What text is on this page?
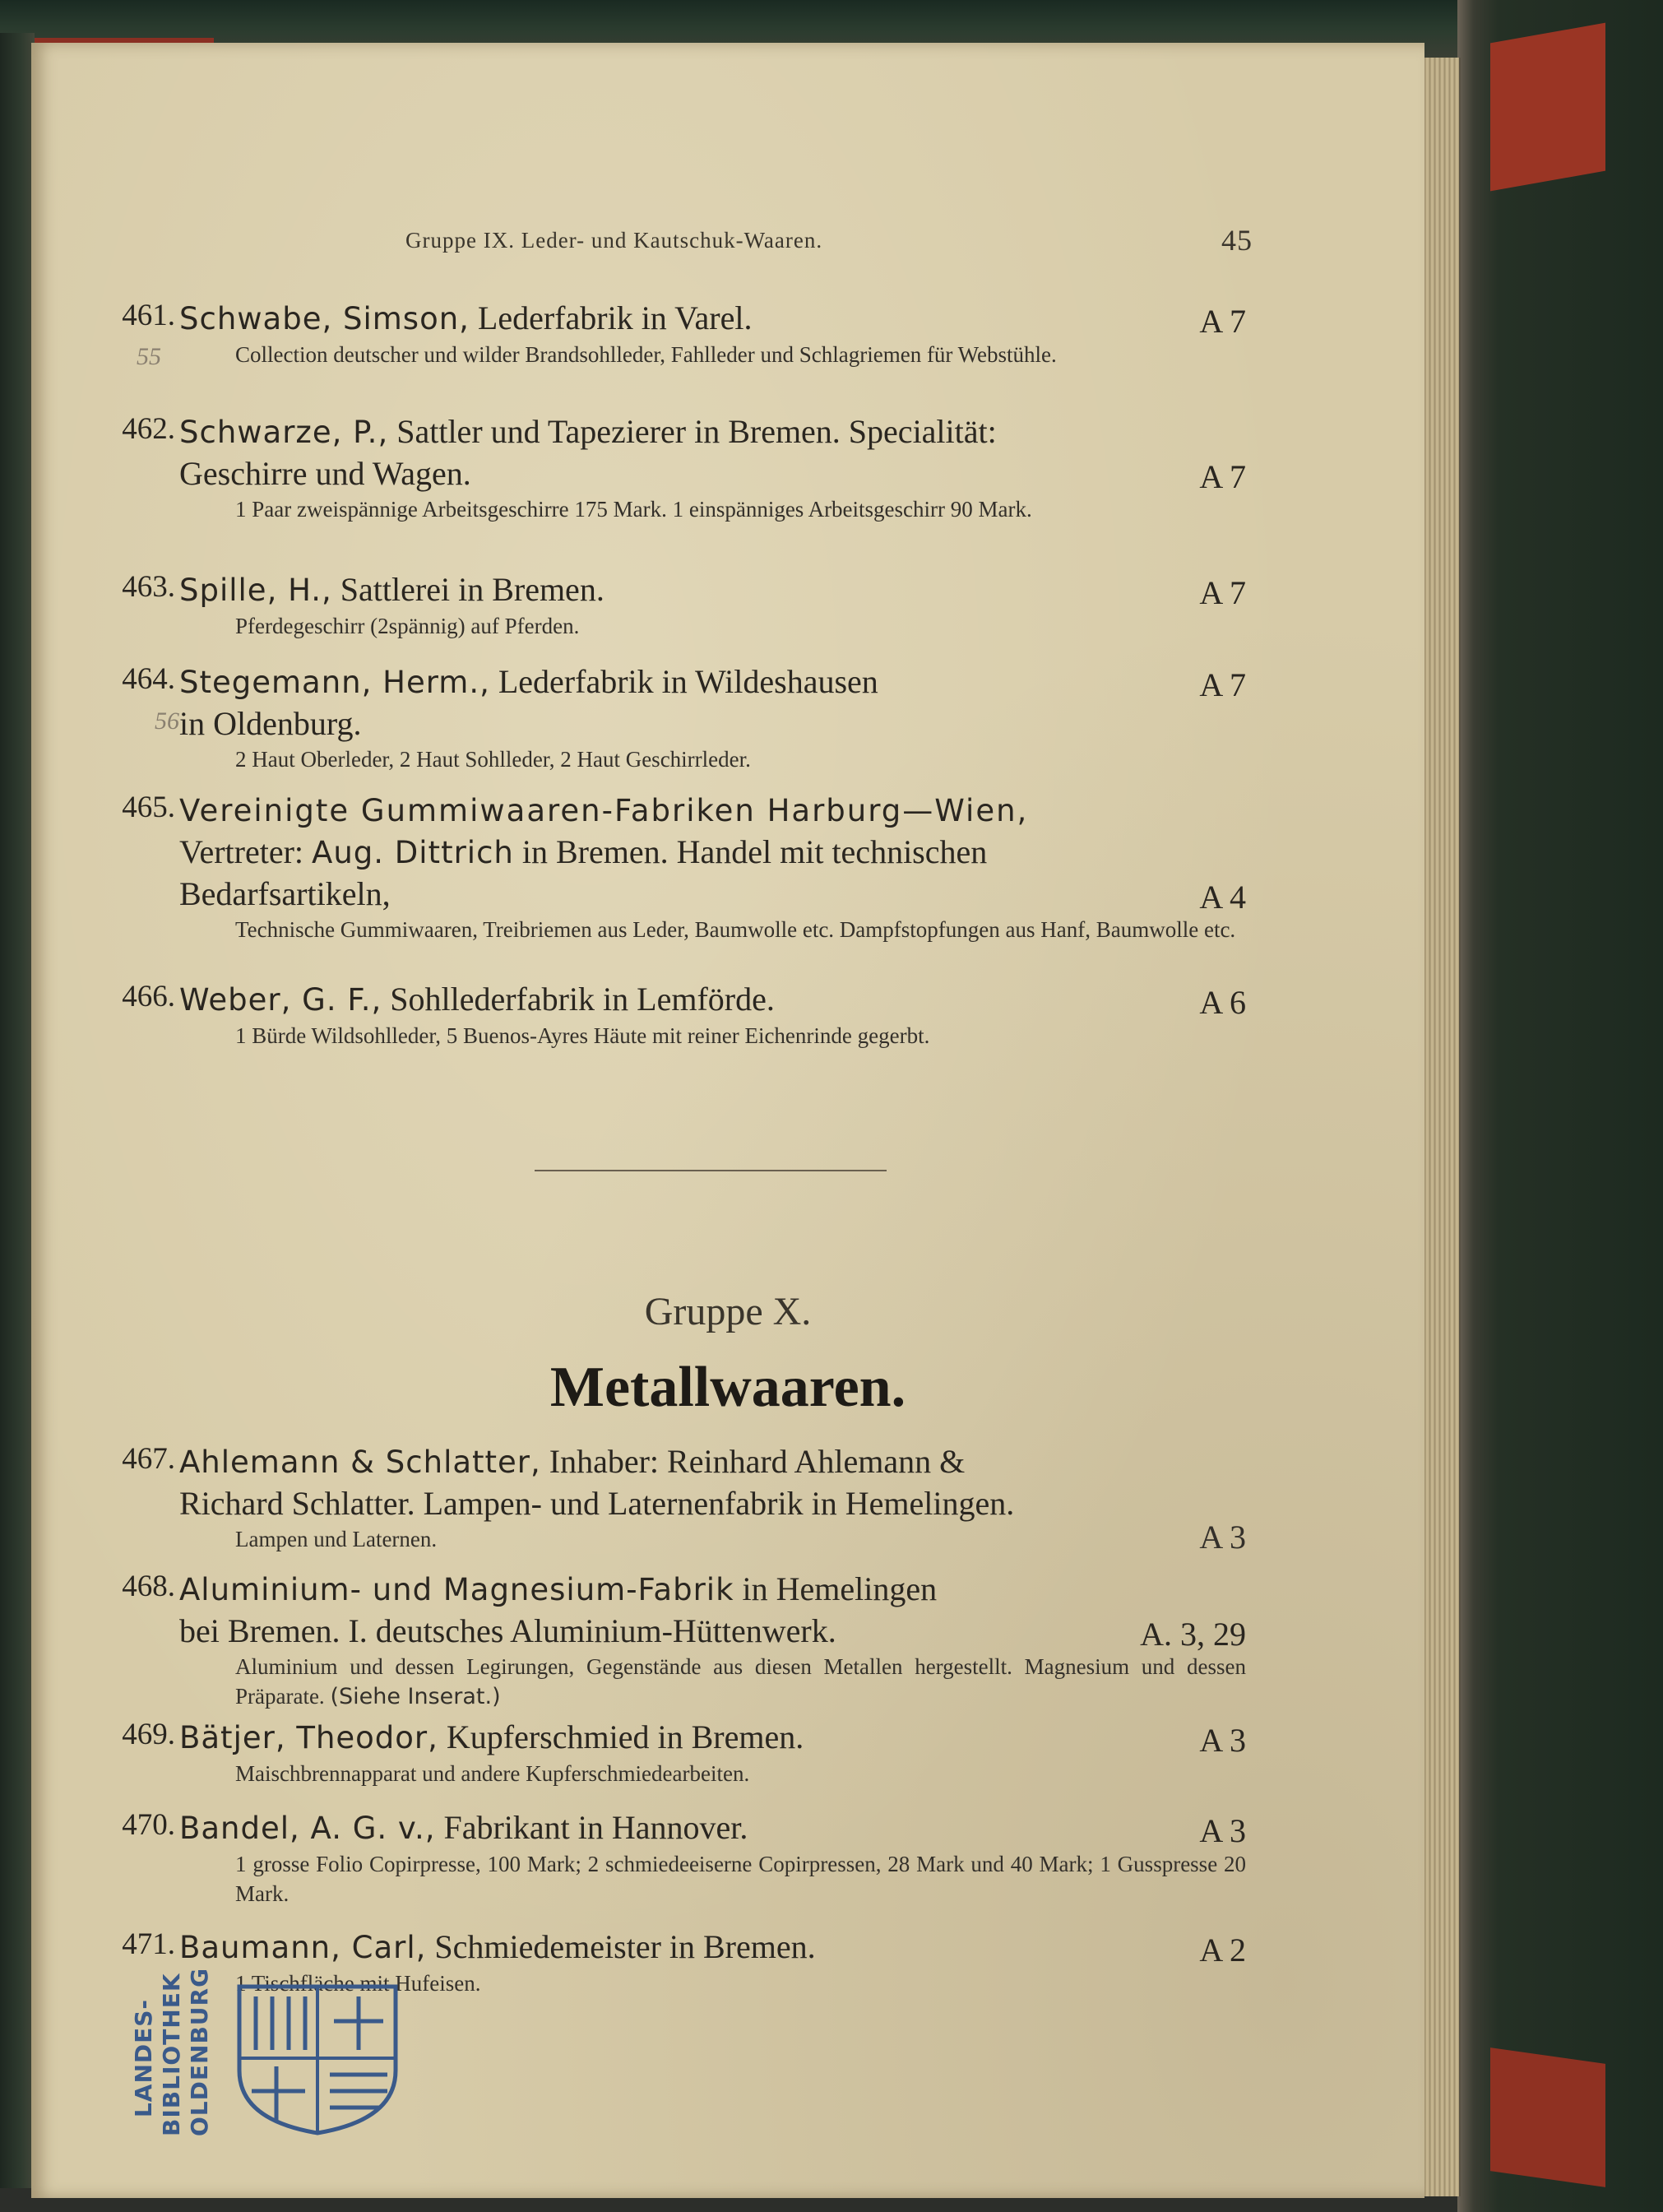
Gruppe IX. Leder- und Kautschuk-Waaren.	45
461. Schwabe, Simson, Lederfabrik in Varel.	A 7
Collection deutscher und wilder Brandsohlleder, Fahlleder und Schlagriemen für Webstühle.
55
462. Schwarze, P., Sattler und Tapezierer in Bremen. Specialität:
Geschirre und Wagen.	A 7
1 Paar zweispännige Arbeitsgeschirre 175 Mark. 1 einspänniges Arbeitsgeschirr 90 Mark.
463. Spille, H., Sattlerei in Bremen.	A 7
Pferdegeschirr (2spännig) auf Pferden.
464. Stegemann, Herm., Lederfabrik in Wildeshausen	A 7
in Oldenburg.
2 Haut Oberleder, 2 Haut Sohlleder, 2 Haut Geschirrleder.
56
465. Vereinigte Gummiwaaren-Fabriken Harburg—Wien,
Vertreter: Aug. Dittrich in Bremen. Handel mit technischen
Bedarfsartikeln,	A 4
Technische Gummiwaaren, Treibriemen aus Leder, Baumwolle etc. Dampfstopfungen aus Hanf, Baumwolle etc.
466. Weber, G. F., Sohllederfabrik in Lemförde.	A 6
1 Bürde Wildsohlleder, 5 Buenos-Ayres Häute mit reiner Eichenrinde gegerbt.
Gruppe X.
Metallwaaren.
467. Ahlemann & Schlatter, Inhaber: Reinhard Ahlemann &
Richard Schlatter. Lampen- und Laternenfabrik in Hemelingen.
Lampen und Laternen.	A 3
468. Aluminium- und Magnesium-Fabrik in Hemelingen
bei Bremen. I. deutsches Aluminium-Hüttenwerk.	A. 3, 29
Aluminium und dessen Legirungen, Gegenstände aus diesen Metallen hergestellt. Magnesium und dessen Präparate. (Siehe Inserat.)
469. Bätjer, Theodor, Kupferschmied in Bremen.	A 3
Maischbrennapparat und andere Kupferschmiedearbeiten.
470. Bandel, A. G. v., Fabrikant in Hannover.	A 3
1 grosse Folio Copirpresse, 100 Mark; 2 schmiedeeiserne Copirpressen, 28 Mark und 40 Mark; 1 Gusspresse 20 Mark.
471. Baumann, Carl, Schmiedemeister in Bremen.	A 2
1 Tischfläche mit Hufeisen.
LANDES- BIBLIOTHEK OLDENBURG
